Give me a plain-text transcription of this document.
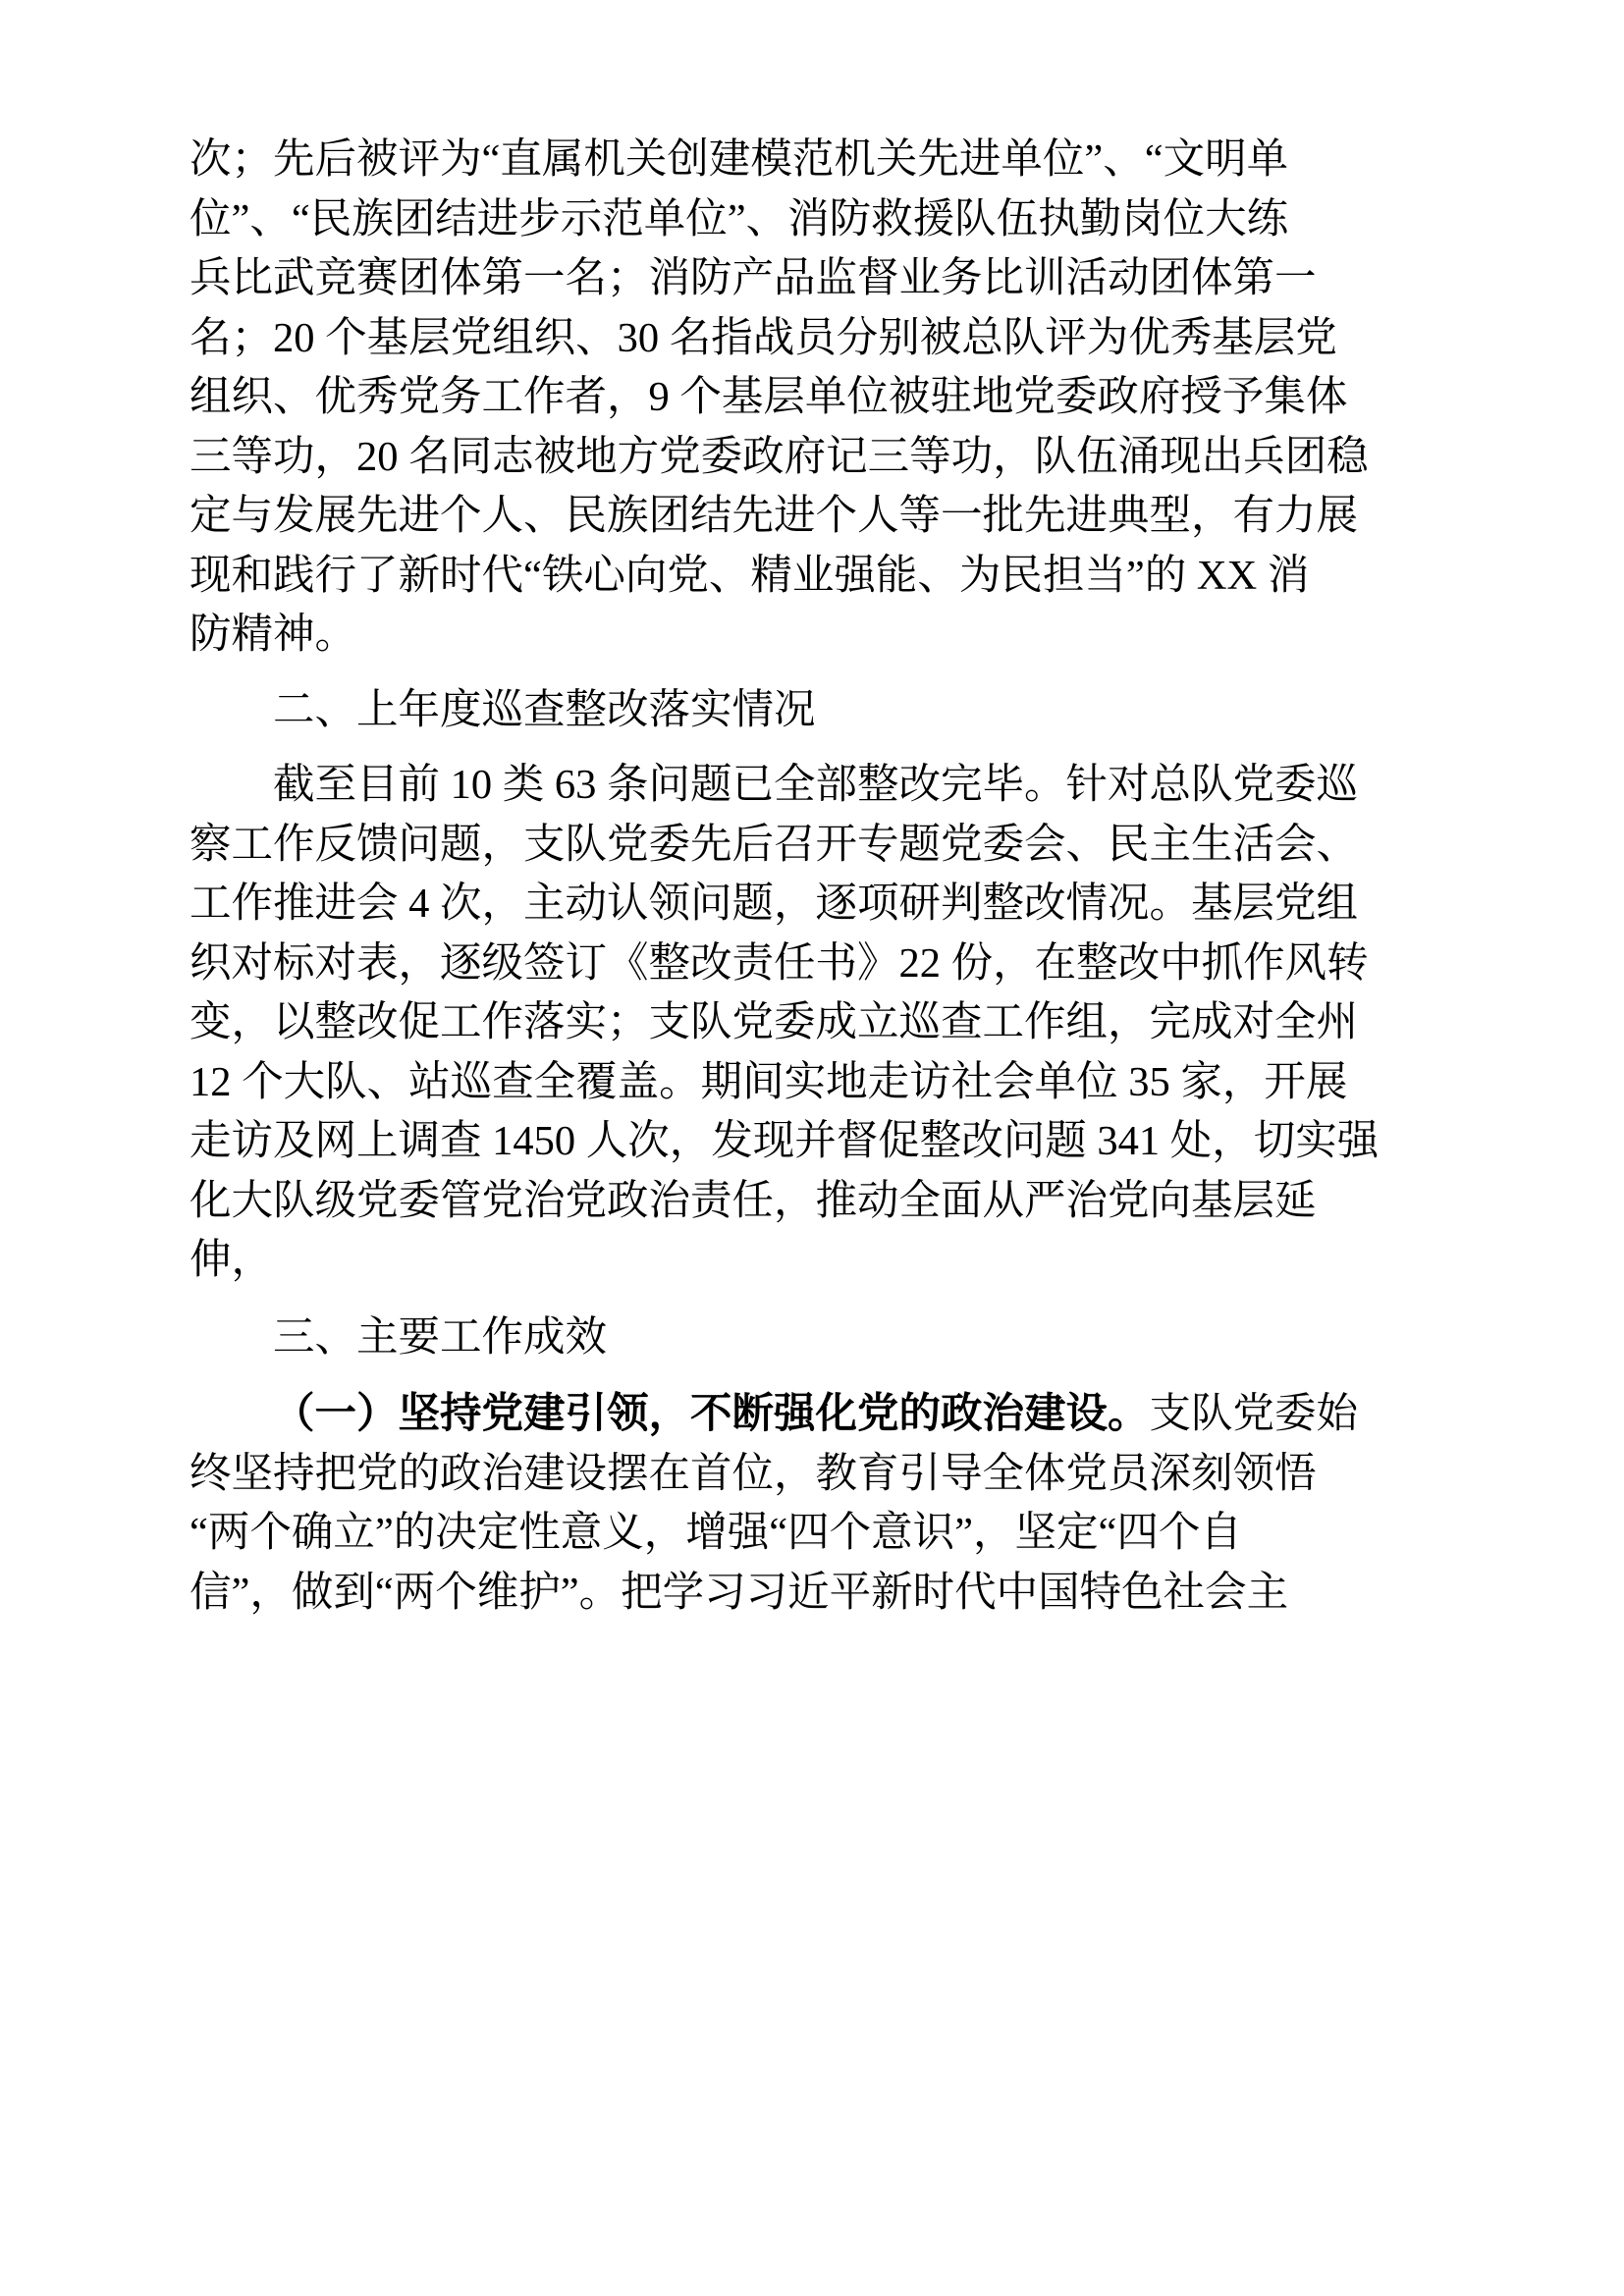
次；先后被评为“直属机关创建模范机关先进单位”、“文明单
位”、“民族团结进步示范单位”、消防救援队伍执勤岗位大练
兵比武竞赛团体第一名；消防产品监督业务比训活动团体第一
名；20 个基层党组织、30 名指战员分别被总队评为优秀基层党
组织、优秀党务工作者，9 个基层单位被驻地党委政府授予集体
三等功，20 名同志被地方党委政府记三等功，队伍涌现出兵团稳
定与发展先进个人、民族团结先进个人等一批先进典型，有力展
现和践行了新时代“铁心向党、精业强能、为民担当”的 XX 消
防精神。
二、上年度巡查整改落实情况
截至目前 10 类 63 条问题已全部整改完毕。针对总队党委巡
察工作反馈问题，支队党委先后召开专题党委会、民主生活会、
工作推进会 4 次，主动认领问题，逐项研判整改情况。基层党组
织对标对表，逐级签订《整改责任书》22 份，在整改中抓作风转
变，以整改促工作落实；支队党委成立巡查工作组，完成对全州
12 个大队、站巡查全覆盖。期间实地走访社会单位 35 家，开展
走访及网上调查 1450 人次，发现并督促整改问题 341 处，切实强
化大队级党委管党治党政治责任，推动全面从严治党向基层延
伸，
三、主要工作成效
（一）坚持党建引领，不断强化党的政治建设。支队党委始
终坚持把党的政治建设摆在首位，教育引导全体党员深刻领悟
“两个确立”的决定性意义，增强“四个意识”，坚定“四个自
信”，做到“两个维护”。把学习习近平新时代中国特色社会主
